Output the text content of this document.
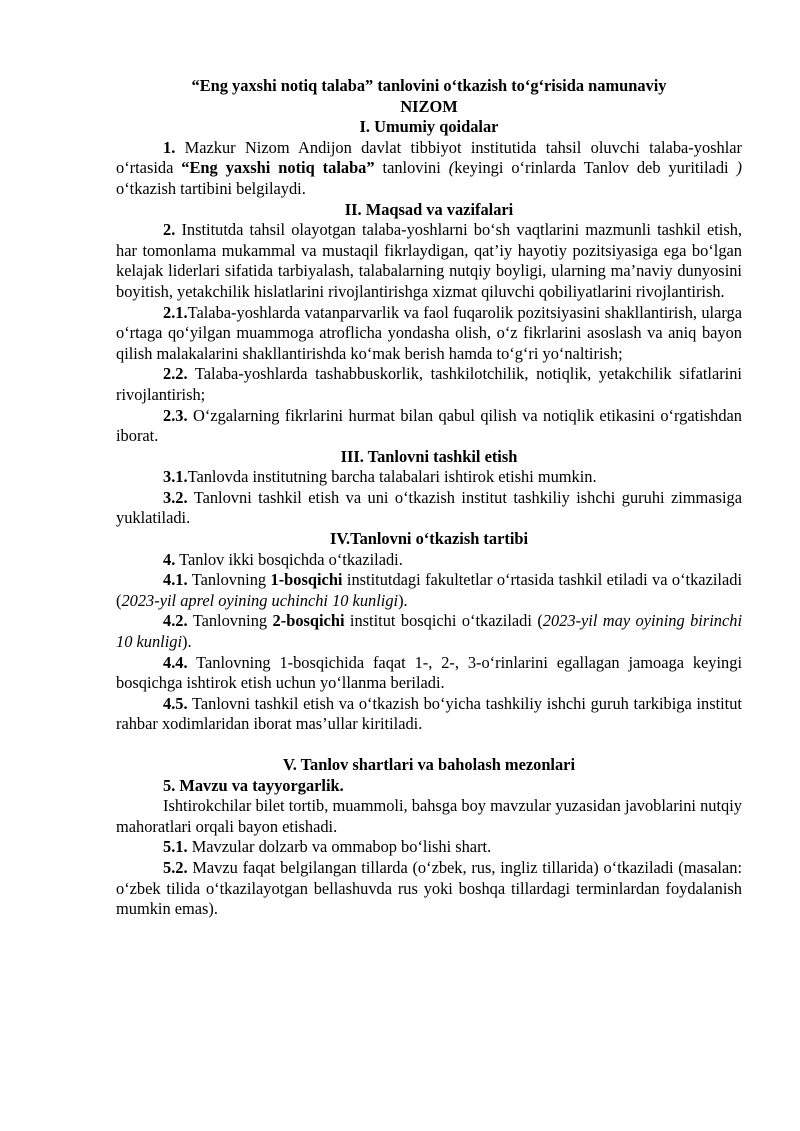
“Eng yaxshi notiq talaba” tanlovini o‘tkazish to‘g‘risida namunaviy
NIZOM

I. Umumiy qoidalar

1. Mazkur Nizom Andijon davlat tibbiyot institutida tahsil oluvchi talaba-yoshlar o‘rtasida “Eng yaxshi notiq talaba” tanlovini (keyingi o‘rinlarda Tanlov deb yuritiladi ) o‘tkazish tartibini belgilaydi.

II. Maqsad va vazifalari

2. Institutda tahsil olayotgan talaba-yoshlarni bo‘sh vaqtlarini mazmunli tashkil etish, har tomonlama mukammal va mustaqil fikrlaydigan, qat’iy hayotiy pozitsiyasiga ega bo‘lgan kelajak liderlari sifatida tarbiyalash, talabalarning nutqiy boyligi, ularning ma’naviy dunyosini boyitish, yetakchilik hislatlarini rivojlantirishga xizmat qiluvchi qobiliyatlarini rivojlantirish.

2.1.Talaba-yoshlarda vatanparvarlik va faol fuqarolik pozitsiyasini shakllantirish, ularga o‘rtaga qo‘yilgan muammoga atroflicha yondasha olish, o‘z fikrlarini asoslash va aniq bayon qilish malakalarini shakllantirishda ko‘mak berish hamda to‘g‘ri yo‘naltirish;

2.2. Talaba-yoshlarda tashabbuskorlik, tashkilotchilik, notiqlik, yetakchilik sifatlarini rivojlantirish;

2.3. O‘zgalarning fikrlarini hurmat bilan qabul qilish va notiqlik etikasini o‘rgatishdan iborat.

III. Tanlovni tashkil etish

3.1.Tanlovda institutning barcha talabalari ishtirok etishi mumkin.

3.2. Tanlovni tashkil etish va uni o‘tkazish institut tashkiliy ishchi guruhi zimmasiga yuklatiladi.

IV.Tanlovni o‘tkazish tartibi

4. Tanlov ikki bosqichda o‘tkaziladi.

4.1. Tanlovning 1-bosqichi institutdagi fakultetlar o‘rtasida tashkil etiladi va o‘tkaziladi (2023-yil aprel oyining uchinchi 10 kunligi).

4.2. Tanlovning 2-bosqichi institut bosqichi o‘tkaziladi (2023-yil may oyining birinchi 10 kunligi).

4.4. Tanlovning 1-bosqichida faqat 1-, 2-, 3-o‘rinlarini egallagan jamoaga keyingi bosqichga ishtirok etish uchun yo‘llanma beriladi.

4.5. Tanlovni tashkil etish va o‘tkazish bo‘yicha tashkiliy ishchi guruh tarkibiga institut rahbar xodimlaridan iborat mas’ullar kiritiladi.

V. Tanlov shartlari va baholash mezonlari

5. Mavzu va tayyorgarlik.

Ishtirokchilar bilet tortib, muammoli, bahsga boy mavzular yuzasidan javoblarini nutqiy mahoratlari orqali bayon etishadi.

5.1. Mavzular dolzarb va ommabop bo‘lishi shart.

5.2. Mavzu faqat belgilangan tillarda (o‘zbek, rus, ingliz tillarida) o‘tkaziladi (masalan: o‘zbek tilida o‘tkazilayotgan bellashuvda rus yoki boshqa tillardagi terminlardan foydalanish mumkin emas).
